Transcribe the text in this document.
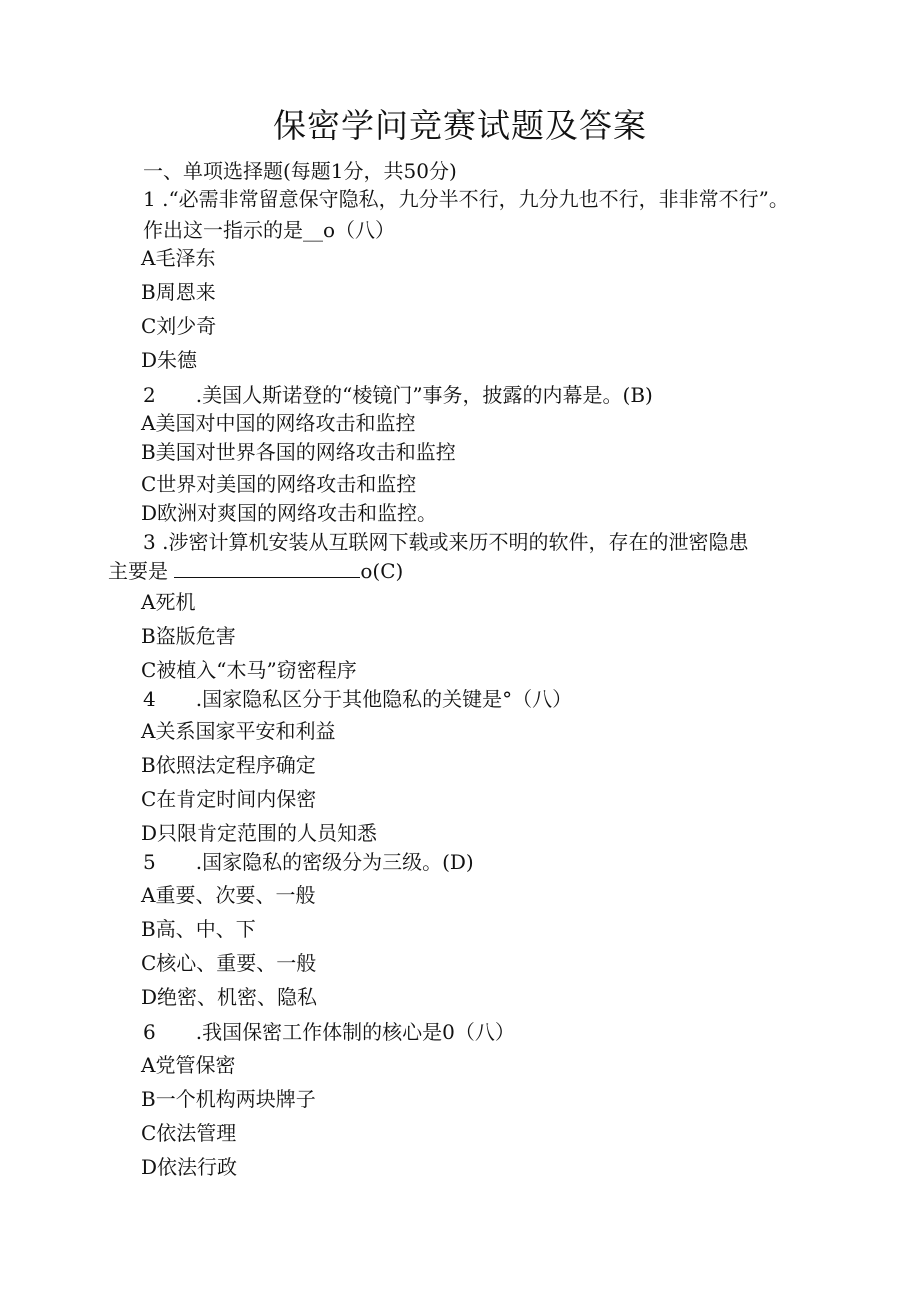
保密学问竞赛试题及答案
一、单项选择题(每题1分，共50分)
1 .“必需非常留意保守隐私，九分半不行，九分九也不行，非非常不行”。作出这一指示的是__o（八）
A毛泽东
B周恩来
C刘少奇
D朱德
2 .美国人斯诺登的“棱镜门”事务，披露的内幕是。(B)
A美国对中国的网络攻击和监控
B美国对世界各国的网络攻击和监控
C世界对美国的网络攻击和监控
D欧洲对爽国的网络攻击和监控。
3 .涉密计算机安装从互联网下载或来历不明的软件，存在的泄密隐患
主要是	o(C)
A死机
B盗版危害
C被植入“木马”窃密程序
4 .国家隐私区分于其他隐私的关键是°（八）
A关系国家平安和利益
B依照法定程序确定
C在肯定时间内保密
D只限肯定范围的人员知悉
5 .国家隐私的密级分为三级。(D)
A重要、次要、一般
B高、中、下
C核心、重要、一般
D绝密、机密、隐私
6 .我国保密工作体制的核心是0（八）
A党管保密
B一个机构两块牌子
C依法管理
D依法行政
